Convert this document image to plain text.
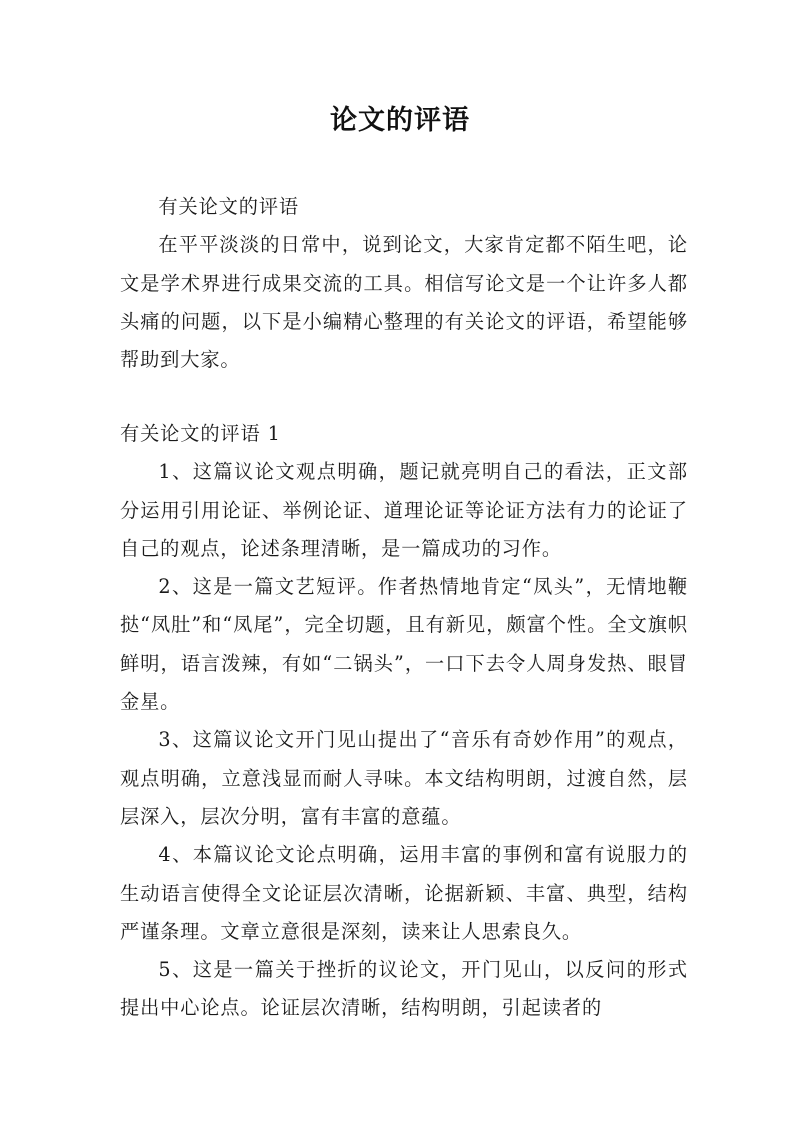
论文的评语

有关论文的评语

在平平淡淡的日常中，说到论文，大家肯定都不陌生吧，论文是学术界进行成果交流的工具。相信写论文是一个让许多人都头痛的问题，以下是小编精心整理的有关论文的评语，希望能够帮助到大家。

有关论文的评语 1

1、这篇议论文观点明确，题记就亮明自己的看法，正文部分运用引用论证、举例论证、道理论证等论证方法有力的论证了自己的观点，论述条理清晰，是一篇成功的习作。

2、这是一篇文艺短评。作者热情地肯定“凤头”，无情地鞭挞“凤肚”和“凤尾”，完全切题，且有新见，颇富个性。全文旗帜鲜明，语言泼辣，有如“二锅头”，一口下去令人周身发热、眼冒金星。

3、这篇议论文开门见山提出了“音乐有奇妙作用”的观点，观点明确，立意浅显而耐人寻味。本文结构明朗，过渡自然，层层深入，层次分明，富有丰富的意蕴。

4、本篇议论文论点明确，运用丰富的事例和富有说服力的生动语言使得全文论证层次清晰，论据新颖、丰富、典型，结构严谨条理。文章立意很是深刻，读来让人思索良久。

5、这是一篇关于挫折的议论文，开门见山，以反问的形式提出中心论点。论证层次清晰，结构明朗，引起读者的
